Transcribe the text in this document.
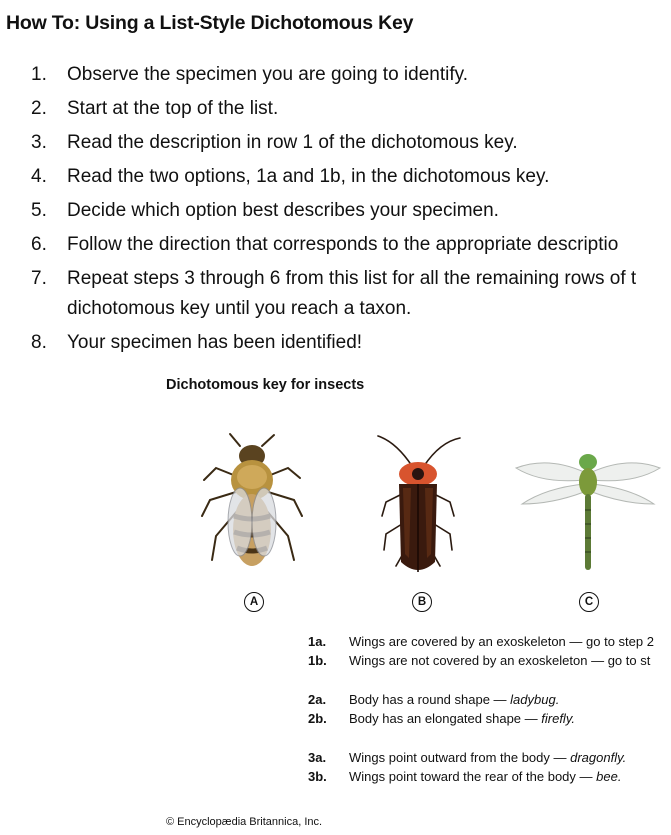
How To: Using a List-Style Dichotomous Key
1. Observe the specimen you are going to identify.
2. Start at the top of the list.
3. Read the description in row 1 of the dichotomous key.
4. Read the two options, 1a and 1b, in the dichotomous key.
5. Decide which option best describes your specimen.
6. Follow the direction that corresponds to the appropriate descriptio
7. Repeat steps 3 through 6 from this list for all the remaining rows of t
dichotomous key until you reach a taxon.
8. Your specimen has been identified!
Dichotomous key for insects
A	B	C
1a. Wings are covered by an exoskeleton — go to step 2
1b. Wings are not covered by an exoskeleton — go to st
2a. Body has a round shape — ladybug.
2b. Body has an elongated shape — firefly.
3a. Wings point outward from the body — dragonfly.
3b. Wings point toward the rear of the body — bee.
© Encyclopædia Britannica, Inc.
